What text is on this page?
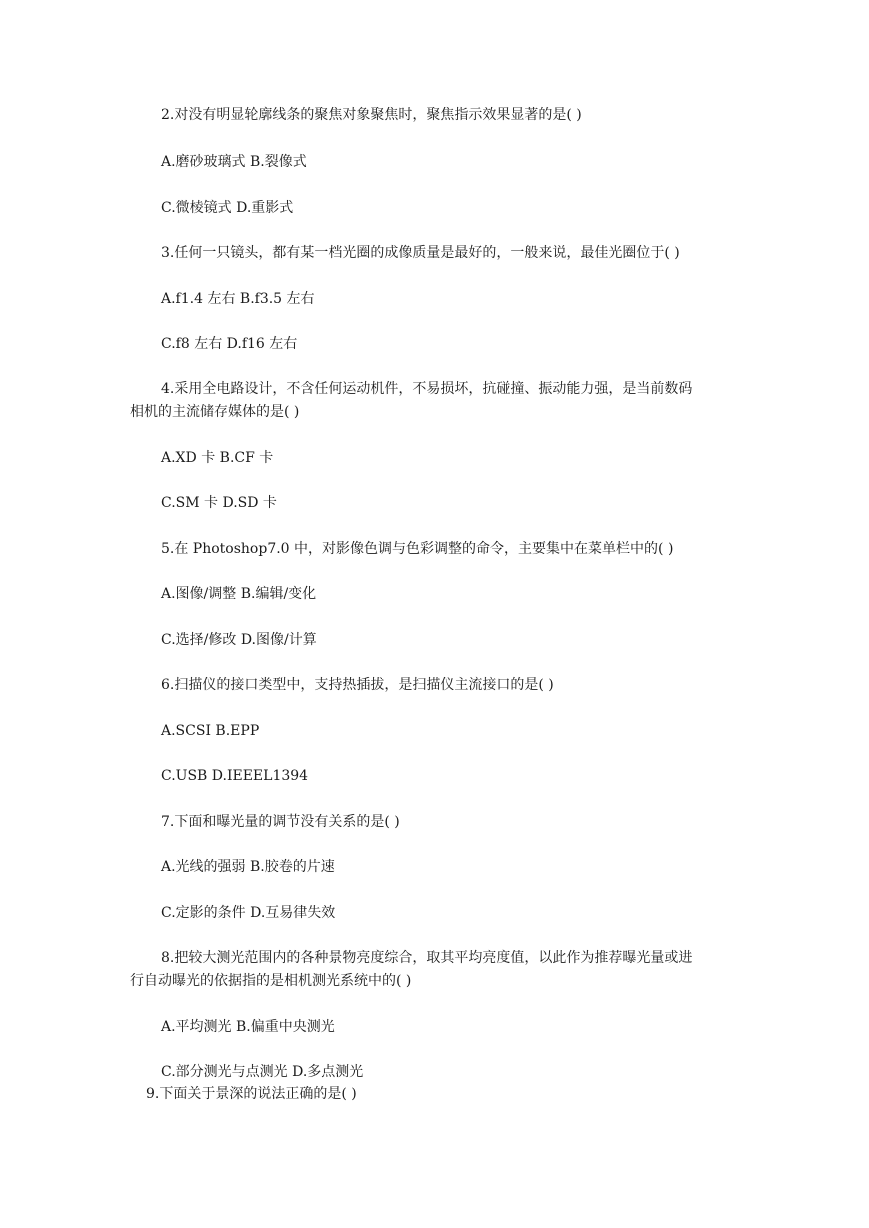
2.对没有明显轮廓线条的聚焦对象聚焦时，聚焦指示效果显著的是( )
A.磨砂玻璃式 B.裂像式
C.微棱镜式 D.重影式
3.任何一只镜头，都有某一档光圈的成像质量是最好的，一般来说，最佳光圈位于( )
A.f1.4 左右 B.f3.5 左右
C.f8 左右 D.f16 左右
4.采用全电路设计，不含任何运动机件，不易损坏，抗碰撞、振动能力强，是当前数码
相机的主流储存媒体的是( )
A.XD 卡 B.CF 卡
C.SM 卡 D.SD 卡
5.在 Photoshop7.0 中，对影像色调与色彩调整的命令，主要集中在菜单栏中的( )
A.图像/调整 B.编辑/变化
C.选择/修改 D.图像/计算
6.扫描仪的接口类型中，支持热插拔，是扫描仪主流接口的是( )
A.SCSI B.EPP
C.USB D.IEEEL1394
7.下面和曝光量的调节没有关系的是( )
A.光线的强弱 B.胶卷的片速
C.定影的条件 D.互易律失效
8.把较大测光范围内的各种景物亮度综合，取其平均亮度值，以此作为推荐曝光量或进
行自动曝光的依据指的是相机测光系统中的( )
A.平均测光 B.偏重中央测光
C.部分测光与点测光 D.多点测光
9.下面关于景深的说法正确的是( )
